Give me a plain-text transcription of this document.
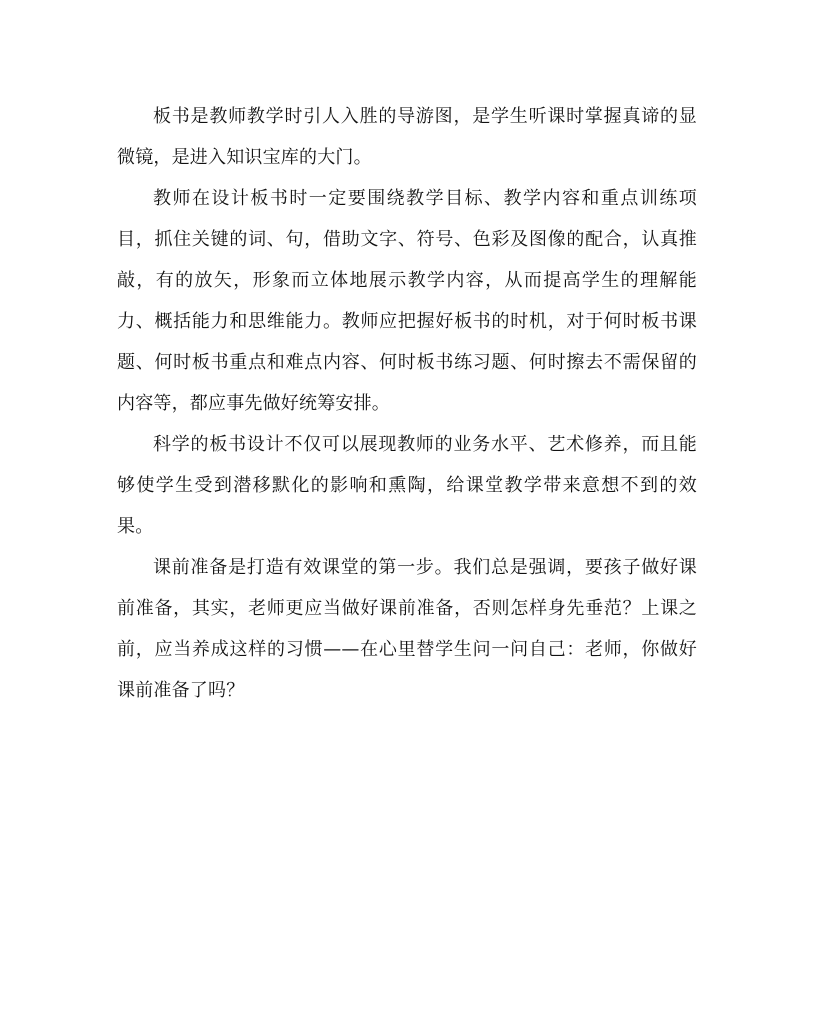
板书是教师教学时引人入胜的导游图，是学生听课时掌握真谛的显微镜，是进入知识宝库的大门。

教师在设计板书时一定要围绕教学目标、教学内容和重点训练项目，抓住关键的词、句，借助文字、符号、色彩及图像的配合，认真推敲，有的放矢，形象而立体地展示教学内容，从而提高学生的理解能力、概括能力和思维能力。教师应把握好板书的时机，对于何时板书课题、何时板书重点和难点内容、何时板书练习题、何时擦去不需保留的内容等，都应事先做好统筹安排。

科学的板书设计不仅可以展现教师的业务水平、艺术修养，而且能够使学生受到潜移默化的影响和熏陶，给课堂教学带来意想不到的效果。

课前准备是打造有效课堂的第一步。我们总是强调，要孩子做好课前准备，其实，老师更应当做好课前准备，否则怎样身先垂范？上课之前，应当养成这样的习惯——在心里替学生问一问自己：老师，你做好课前准备了吗？
